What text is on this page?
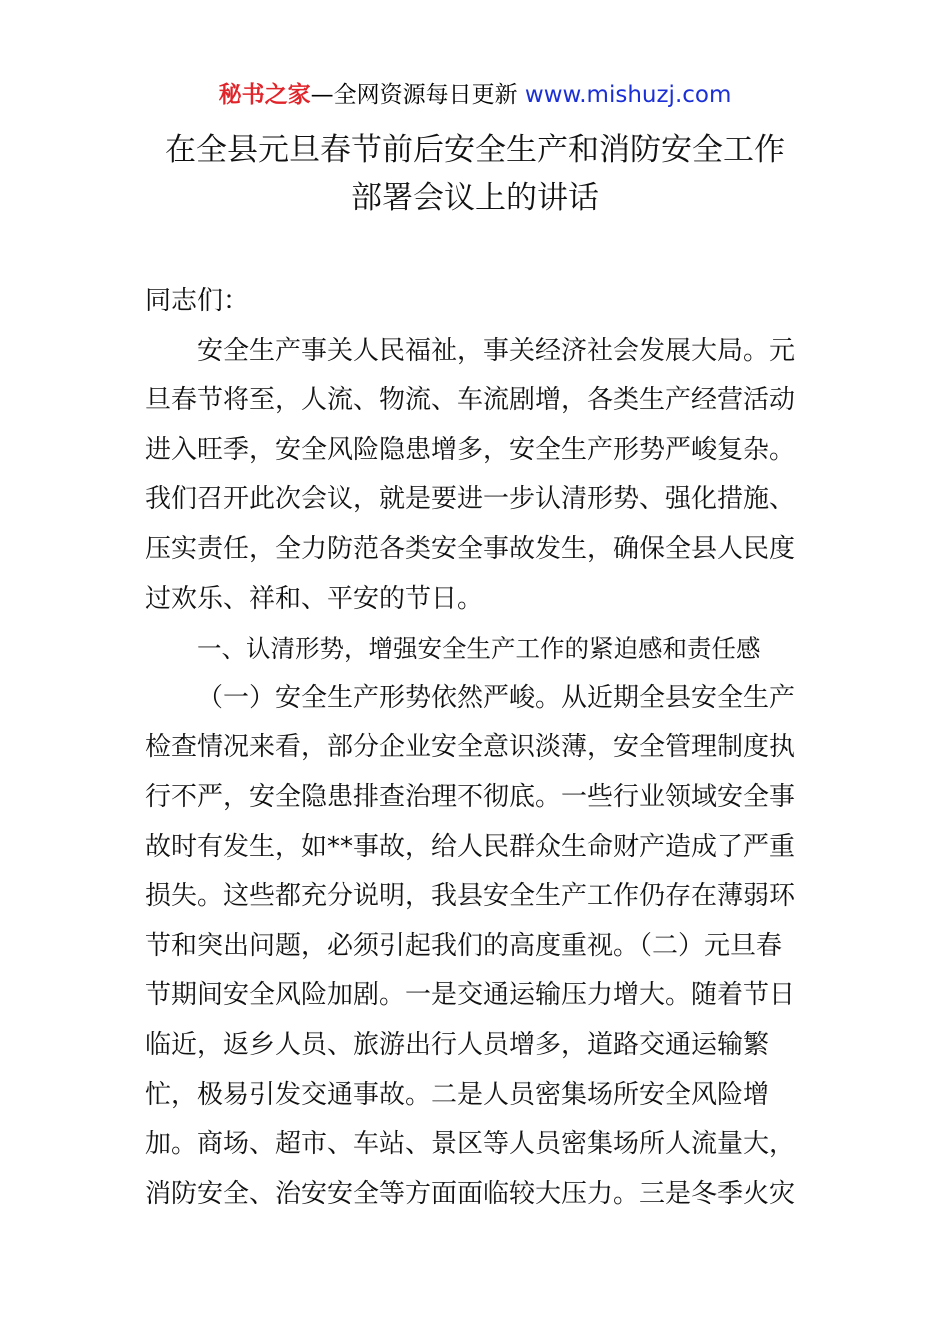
秘书之家—全网资源每日更新 www.mishuzj.com
在全县元旦春节前后安全生产和消防安全工作
部署会议上的讲话
同志们：
安全生产事关人民福祉，事关经济社会发展大局。元
旦春节将至，人流、物流、车流剧增，各类生产经营活动
进入旺季，安全风险隐患增多，安全生产形势严峻复杂。
我们召开此次会议，就是要进一步认清形势、强化措施、
压实责任，全力防范各类安全事故发生，确保全县人民度
过欢乐、祥和、平安的节日。
一、认清形势，增强安全生产工作的紧迫感和责任感
（一）安全生产形势依然严峻。从近期全县安全生产
检查情况来看，部分企业安全意识淡薄，安全管理制度执
行不严，安全隐患排查治理不彻底。一些行业领域安全事
故时有发生，如**事故，给人民群众生命财产造成了严重
损失。这些都充分说明，我县安全生产工作仍存在薄弱环
节和突出问题，必须引起我们的高度重视。（二）元旦春
节期间安全风险加剧。一是交通运输压力增大。随着节日
临近，返乡人员、旅游出行人员增多，道路交通运输繁
忙，极易引发交通事故。二是人员密集场所安全风险增
加。商场、超市、车站、景区等人员密集场所人流量大，
消防安全、治安安全等方面面临较大压力。三是冬季火灾
